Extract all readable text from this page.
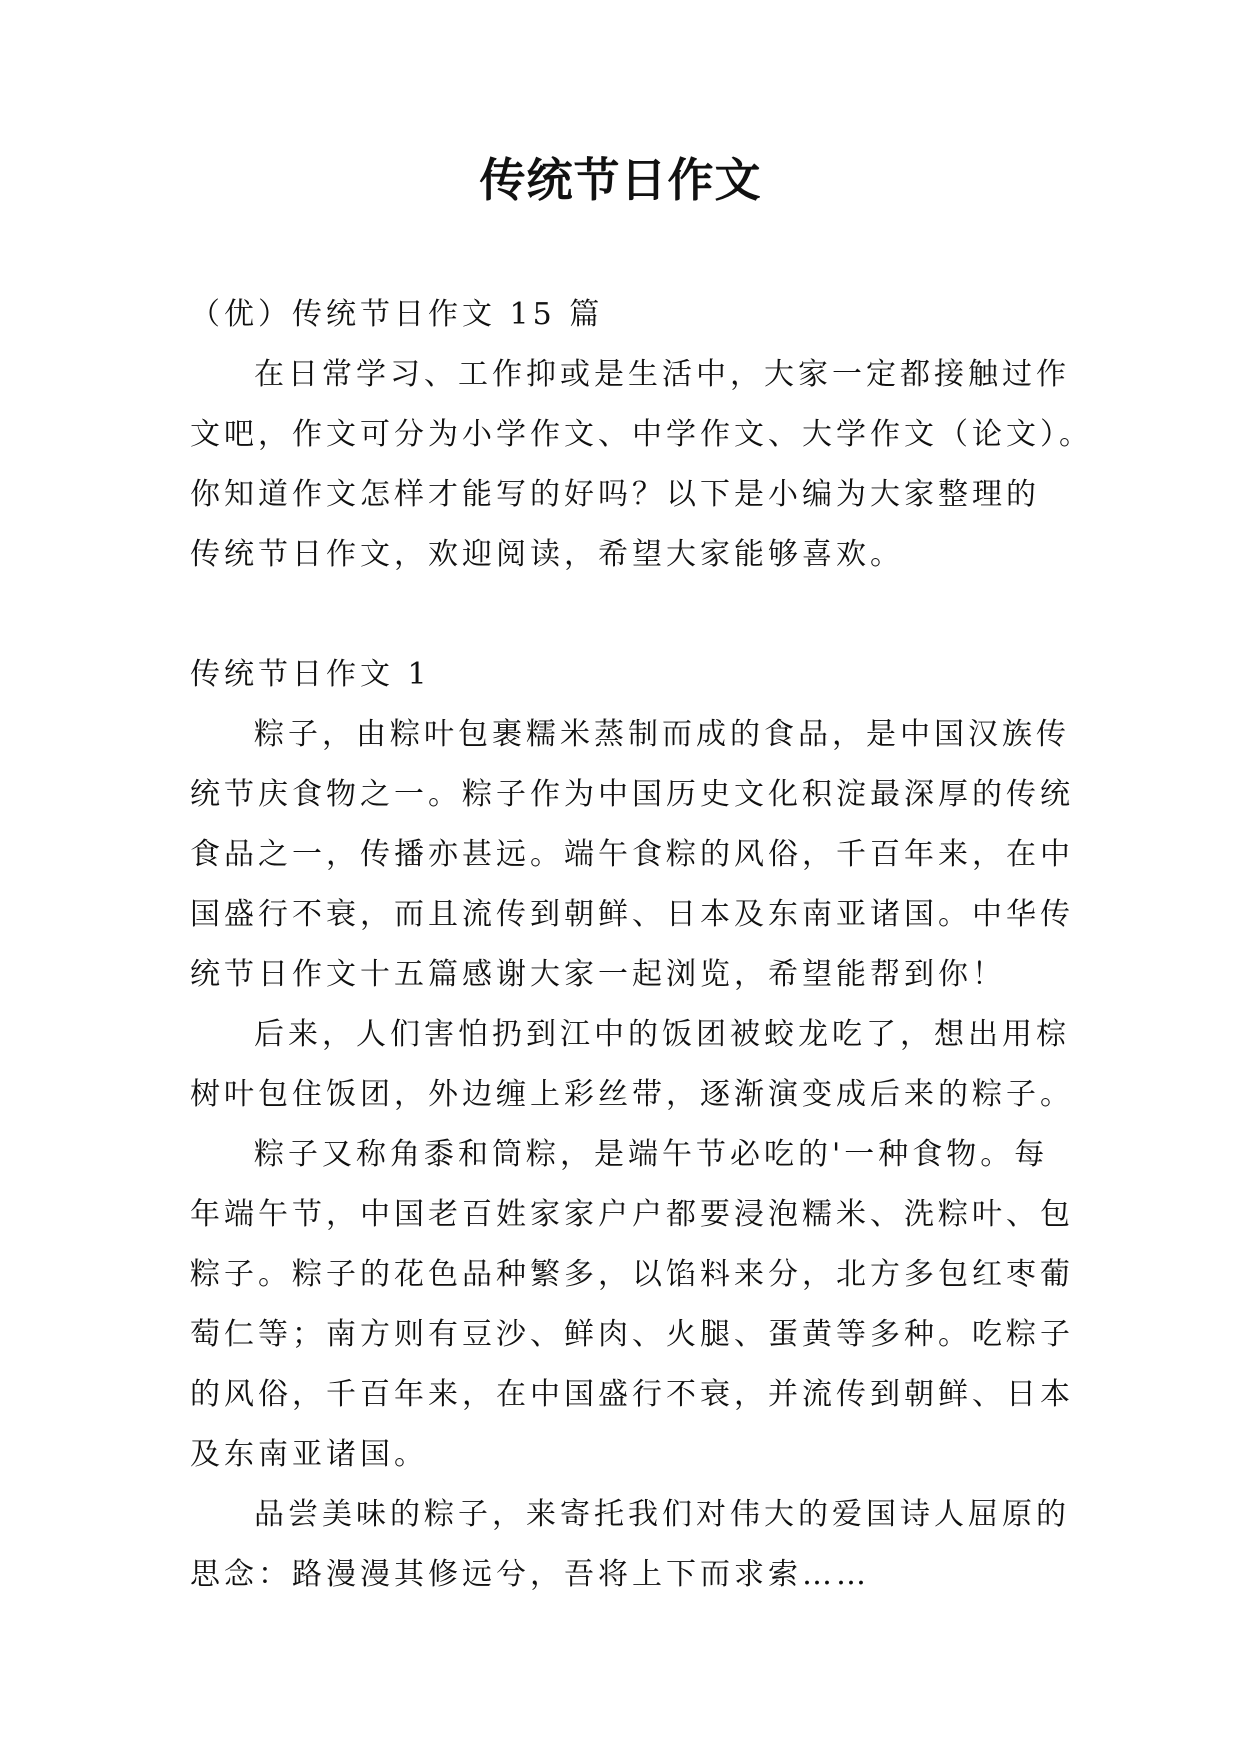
传统节日作文

（优）传统节日作文 15 篇

在日常学习、工作抑或是生活中，大家一定都接触过作

文吧，作文可分为小学作文、中学作文、大学作文（论文）。

你知道作文怎样才能写的好吗？以下是小编为大家整理的

传统节日作文，欢迎阅读，希望大家能够喜欢。

传统节日作文 1

粽子，由粽叶包裹糯米蒸制而成的食品，是中国汉族传

统节庆食物之一。粽子作为中国历史文化积淀最深厚的传统

食品之一，传播亦甚远。端午食粽的风俗，千百年来，在中

国盛行不衰，而且流传到朝鲜、日本及东南亚诸国。中华传

统节日作文十五篇感谢大家一起浏览，希望能帮到你！

后来，人们害怕扔到江中的饭团被蛟龙吃了，想出用棕

树叶包住饭团，外边缠上彩丝带，逐渐演变成后来的粽子。

粽子又称角黍和筒粽，是端午节必吃的'一种食物。每

年端午节，中国老百姓家家户户都要浸泡糯米、洗粽叶、包

粽子。粽子的花色品种繁多，以馅料来分，北方多包红枣葡

萄仁等；南方则有豆沙、鲜肉、火腿、蛋黄等多种。吃粽子

的风俗，千百年来，在中国盛行不衰，并流传到朝鲜、日本

及东南亚诸国。

品尝美味的粽子，来寄托我们对伟大的爱国诗人屈原的

思念：路漫漫其修远兮，吾将上下而求索……
